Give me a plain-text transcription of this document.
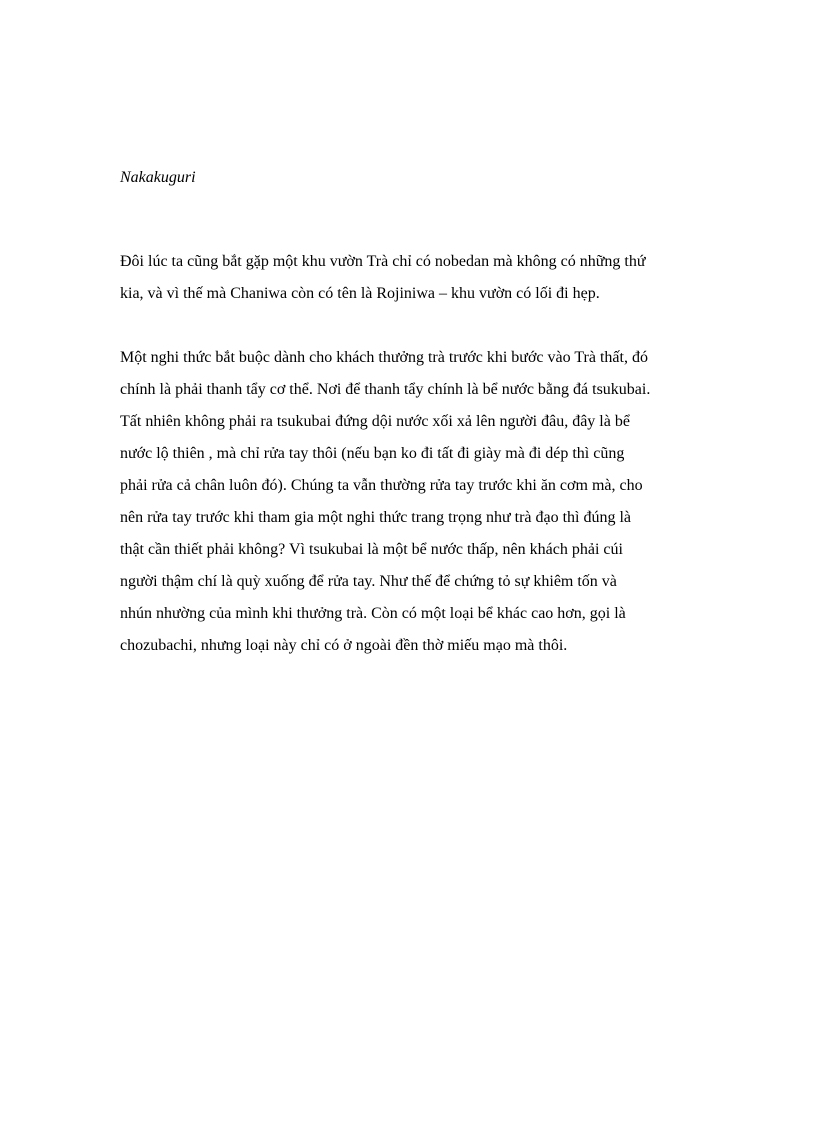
Nakakuguri

Đôi lúc ta cũng bắt gặp một khu vườn Trà chỉ có nobedan mà không có những thứ
kia, và vì thế mà Chaniwa còn có tên là Rojiniwa – khu vườn có lối đi hẹp.

Một nghi thức bắt buộc dành cho khách thưởng trà trước khi bước vào Trà thất, đó
chính là phải thanh tẩy cơ thể. Nơi để thanh tẩy chính là bể nước bằng đá tsukubai.
Tất nhiên không phải ra tsukubai đứng dội nước xối xả lên người đâu, đây là bể
nước lộ thiên , mà chỉ rửa tay thôi (nếu bạn ko đi tất đi giày mà đi dép thì cũng
phải rửa cả chân luôn đó). Chúng ta vẫn thường rửa tay trước khi ăn cơm mà, cho
nên rửa tay trước khi tham gia một nghi thức trang trọng như trà đạo thì đúng là
thật cần thiết phải không? Vì tsukubai là một bể nước thấp, nên khách phải cúi
người thậm chí là quỳ xuống để rửa tay. Như thế để chứng tỏ sự khiêm tốn và
nhún nhường của mình khi thưởng trà. Còn có một loại bể khác cao hơn, gọi là
chozubachi, nhưng loại này chỉ có ở ngoài đền thờ miếu mạo mà thôi.
